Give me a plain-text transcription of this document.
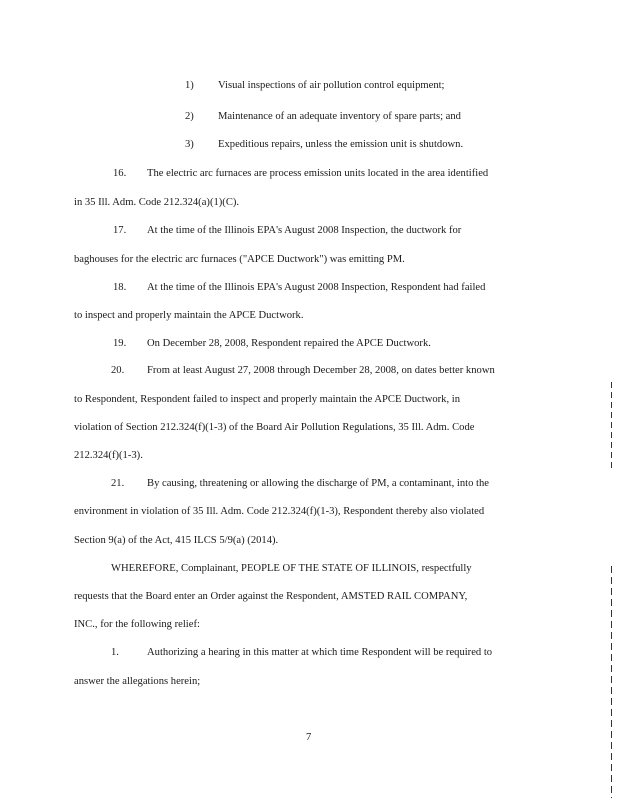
1) Visual inspections of air pollution control equipment;
2) Maintenance of an adequate inventory of spare parts; and
3) Expeditious repairs, unless the emission unit is shutdown.
16. The electric arc furnaces are process emission units located in the area identified
in 35 Ill. Adm. Code 212.324(a)(1)(C).
17. At the time of the Illinois EPA's August 2008 Inspection, the ductwork for
baghouses for the electric arc furnaces ("APCE Ductwork") was emitting PM.
18. At the time of the Illinois EPA's August 2008 Inspection, Respondent had failed
to inspect and properly maintain the APCE Ductwork.
19. On December 28, 2008, Respondent repaired the APCE Ductwork.
20. From at least August 27, 2008 through December 28, 2008, on dates better known
to Respondent, Respondent failed to inspect and properly maintain the APCE Ductwork, in
violation of Section 212.324(f)(1-3) of the Board Air Pollution Regulations, 35 Ill. Adm. Code
212.324(f)(1-3).
21. By causing, threatening or allowing the discharge of PM, a contaminant, into the
environment in violation of 35 Ill. Adm. Code 212.324(f)(1-3), Respondent thereby also violated
Section 9(a) of the Act, 415 ILCS 5/9(a) (2014).
WHEREFORE, Complainant, PEOPLE OF THE STATE OF ILLINOIS, respectfully
requests that the Board enter an Order against the Respondent, AMSTED RAIL COMPANY,
INC., for the following relief:
1.	Authorizing a hearing in this matter at which time Respondent will be required to
answer the allegations herein;
7
